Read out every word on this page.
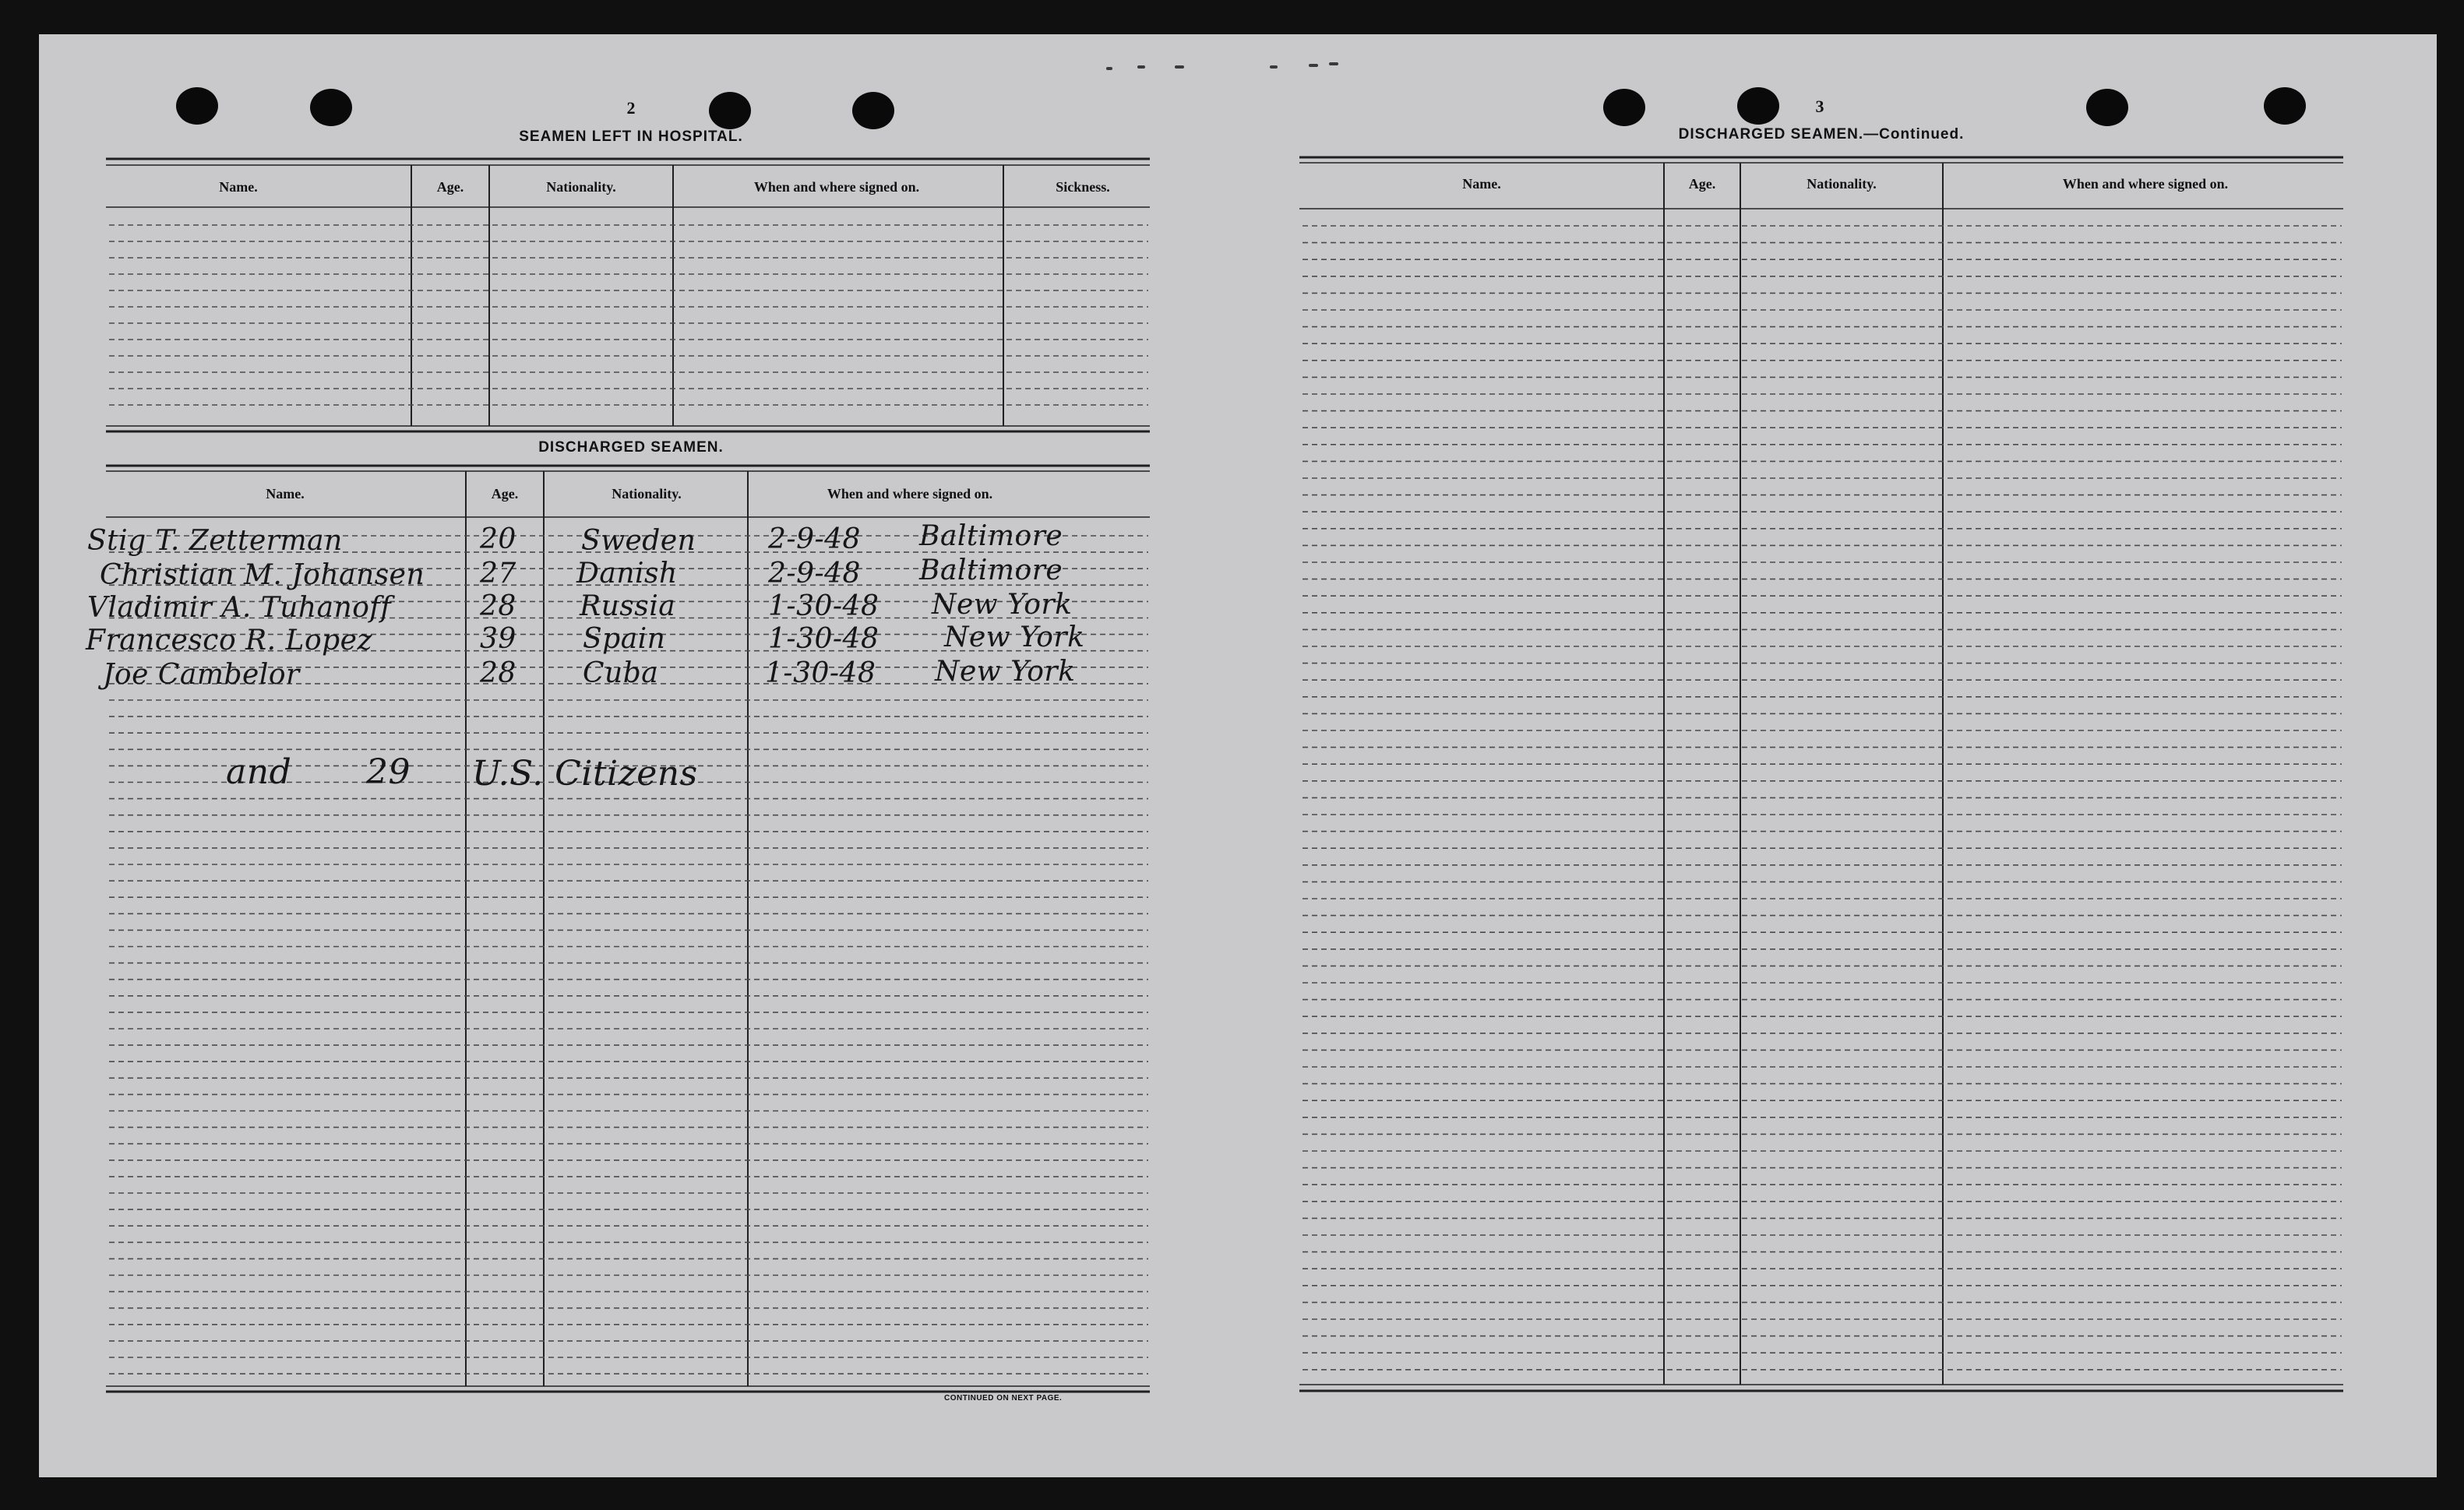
2
SEAMEN LEFT IN HOSPITAL.
Name.	Age.	Nationality.	When and where signed on.	Sickness.
DISCHARGED SEAMEN.
Name.	Age.	Nationality.	When and where signed on.
Stig T. Zetterman	20 Sweden	2-9-48 Baltimore
Christian M. Johansen 27 Danish	2-9-48 Baltimore
Vladimir A. Tuhanoff	28 Russia	1-30-48 New York
Francesco R. Lopez	39 Spain	1-30-48 New York
Joe Cambelor	28 Cuba	1-30-48 New York
and 29 U.S. Citizens
CONTINUED ON NEXT PAGE.
3
DISCHARGED SEAMEN.—Continued.
Name.	Age.	Nationality.	When and where signed on.
